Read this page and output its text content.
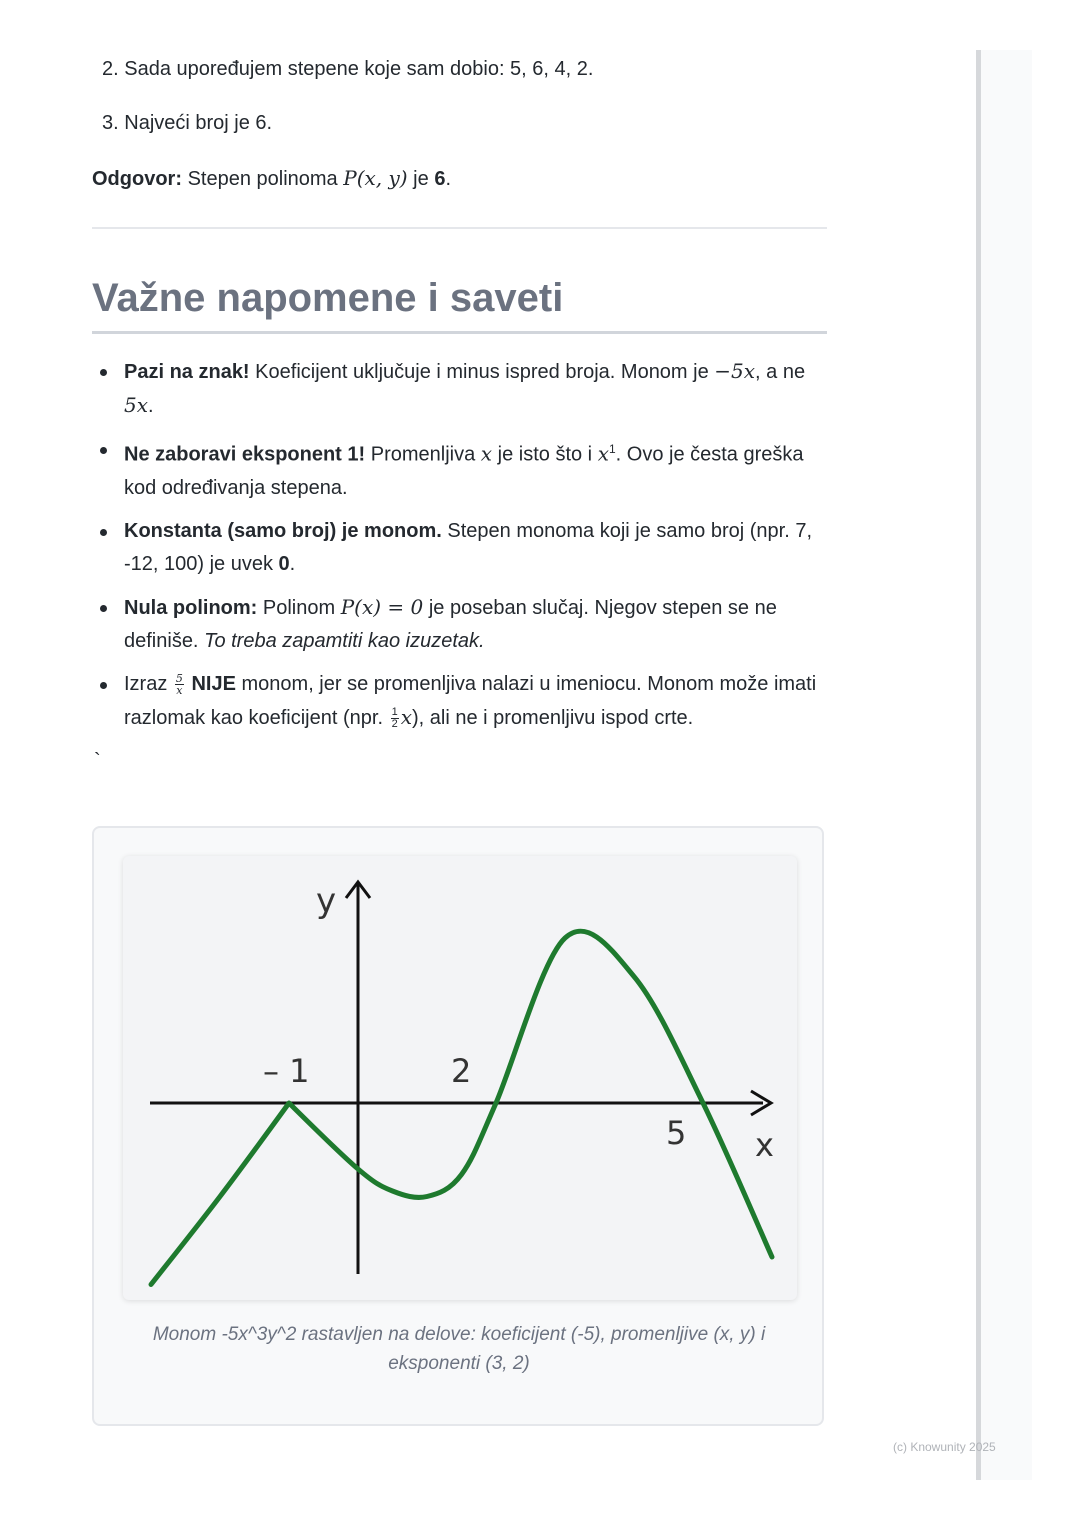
2. Sada upoređujem stepene koje sam dobio: 5, 6, 4, 2.
3. Najveći broj je 6.
Odgovor: Stepen polinoma P(x, y) je 6.
Važne napomene i saveti
Pazi na znak! Koeficijent uključuje i minus ispred broja. Monom je −5x, a ne 5x.
Ne zaboravi eksponent 1! Promenljiva x je isto što i $x^1$. Ovo je česta greška kod određivanja stepena.
Konstanta (samo broj) je monom. Stepen monoma koji je samo broj (npr. 7, -12, 100) je uvek 0.
Nula polinom: Polinom P(x) = 0 je poseban slučaj. Njegov stepen se ne definiše. To treba zapamtiti kao izuzetak.
Izraz $\frac{5}{x}$ NIJE monom, jer se promenljiva nalazi u imeniocu. Monom može imati razlomak kao koeficijent (npr. $\frac{1}{2} x$), ali ne i promenljivu ispod crte.
`
y
x
– 1	2
5
Monom -5x^3y^2 rastavljen na delove: koeficijent (-5), promenljive (x, y) i eksponenti (3, 2)
(c) Knowunity 2025
